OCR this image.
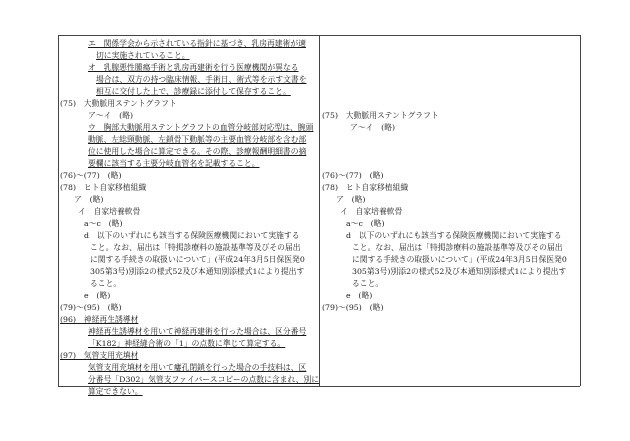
エ　関係学会から示されている指針に基づき、乳房再建術が適
切に実施されていること。
オ　乳腺悪性腫瘍手術と乳房再建術を行う医療機関が異なる
場合は、双方の持つ臨床情報、手術日、術式等を示す文書を
相互に交付した上で、診療録に添付して保存すること。
(75)　大動脈用ステントグラフト
ア～イ　(略)
ウ　胸部大動脈用ステントグラフトの血管分岐部対応型は、腕頭
動脈、左総頸動脈、左鎖骨下動脈等の主要血管分岐部を含む部
位に使用した場合に算定できる。その際、診療報酬明細書の摘
要欄に該当する主要分岐血管名を記載すること。
(76)～(77)　(略)
(78)　ヒト自家移植組織
ア　(略)
イ　自家培養軟骨
a～c　(略)
d　以下のいずれにも該当する保険医療機関において実施する
こと。なお、届出は「特掲診療料の施設基準等及びその届出
に関する手続きの取扱いについて」(平成24年3月5日保医発0
305第3号)別添2の様式52及び本通知別添様式1により提出す
ること。
e　(略)
(79)～(95)　(略)
(96)　神経再生誘導材
神経再生誘導材を用いて神経再建術を行った場合は、区分番号
「K182」神経縫合術の「1」の点数に準じて算定する。
(97)　気管支用充填材
気管支用充填材を用いて瘻孔閉鎖を行った場合の手技料は、区
分番号「D302」気管支ファイバースコピーの点数に含まれ、別に
算定できない。
(75)　大動脈用ステントグラフト
ア～イ　(略)
(76)～(77)　(略)
(78)　ヒト自家移植組織
ア　(略)
イ　自家培養軟骨
a～c　(略)
d　以下のいずれにも該当する保険医療機関において実施する
こと。なお、届出は「特掲診療料の施設基準等及びその届出
に関する手続きの取扱いについて」(平成24年3月5日保医発0
305第3号)別添2の様式52及び本通知別添様式1により提出す
ること。
e　(略)
(79)～(95)　(略)
